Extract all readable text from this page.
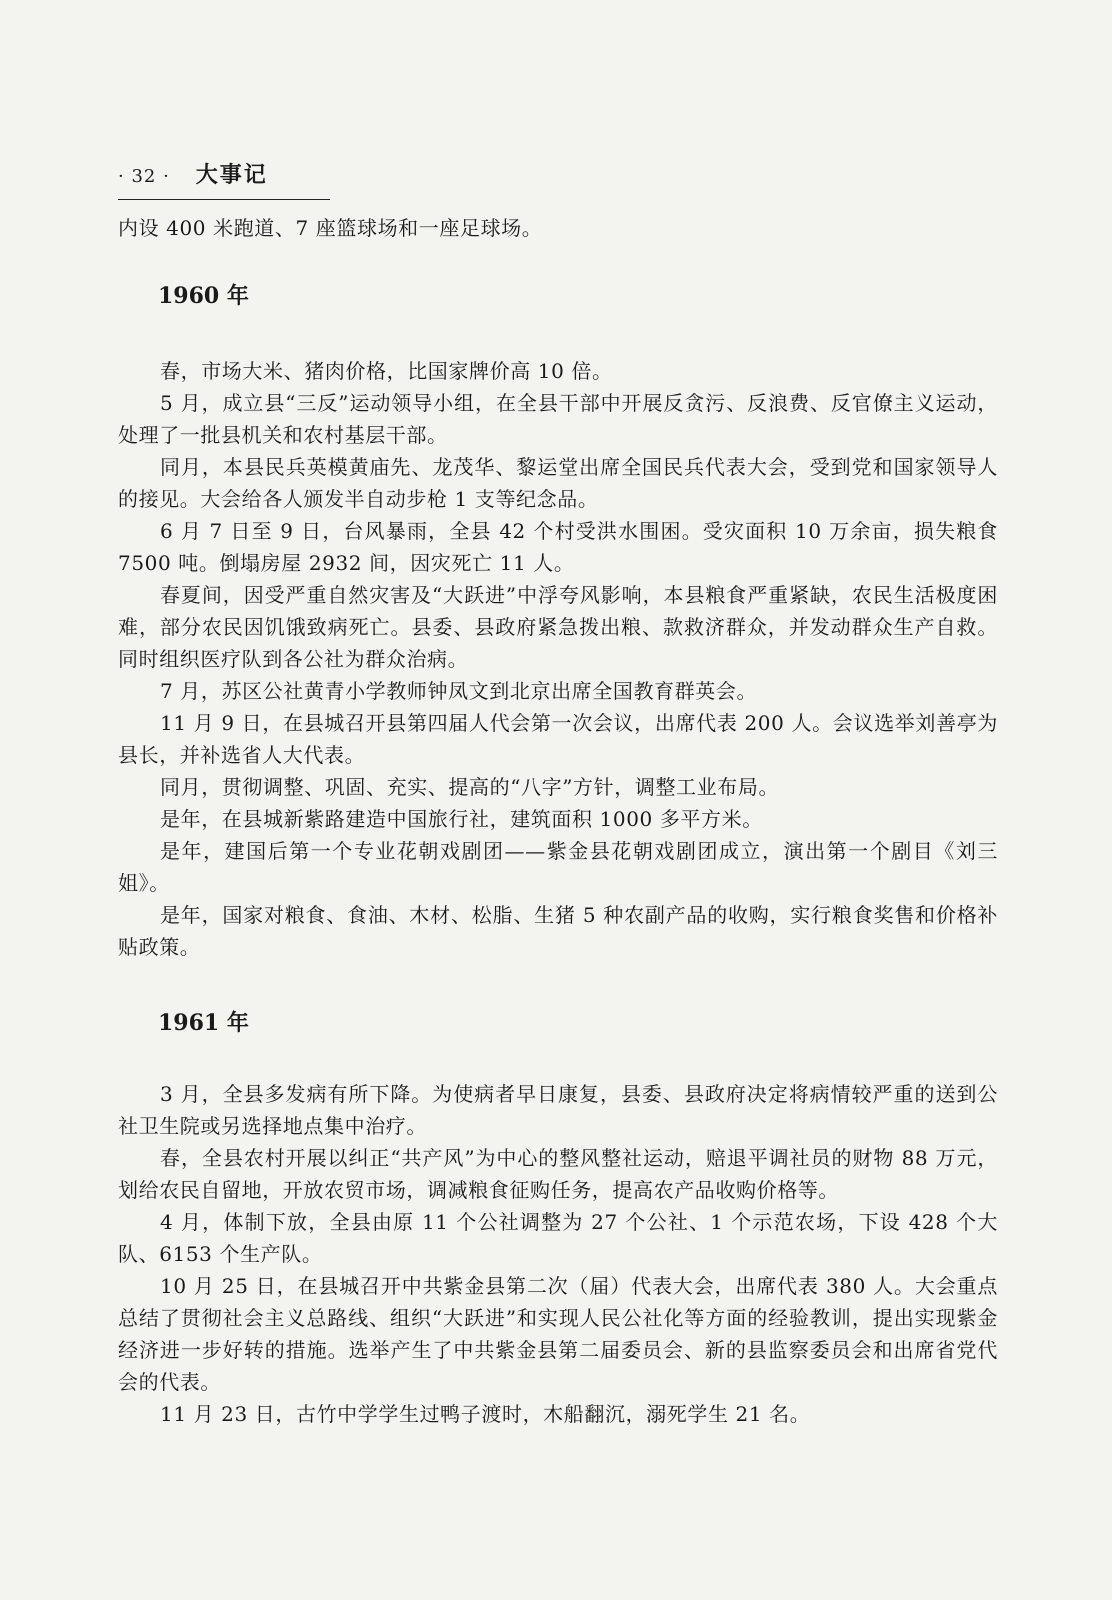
· 32 · 大事记

内设 400 米跑道、7 座篮球场和一座足球场。

1960 年

春，市场大米、猪肉价格，比国家牌价高 10 倍。

5 月，成立县“三反”运动领导小组，在全县干部中开展反贪污、反浪费、反官僚主义运动，处理了一批县机关和农村基层干部。

同月，本县民兵英模黄庙先、龙茂华、黎运堂出席全国民兵代表大会，受到党和国家领导人的接见。大会给各人颁发半自动步枪 1 支等纪念品。

6 月 7 日至 9 日，台风暴雨，全县 42 个村受洪水围困。受灾面积 10 万余亩，损失粮食 7500 吨。倒塌房屋 2932 间，因灾死亡 11 人。

春夏间，因受严重自然灾害及“大跃进”中浮夸风影响，本县粮食严重紧缺，农民生活极度困难，部分农民因饥饿致病死亡。县委、县政府紧急拨出粮、款救济群众，并发动群众生产自救。同时组织医疗队到各公社为群众治病。

7 月，苏区公社黄青小学教师钟凤文到北京出席全国教育群英会。

11 月 9 日，在县城召开县第四届人代会第一次会议，出席代表 200 人。会议选举刘善亭为县长，并补选省人大代表。

同月，贯彻调整、巩固、充实、提高的“八字”方针，调整工业布局。

是年，在县城新紫路建造中国旅行社，建筑面积 1000 多平方米。

是年，建国后第一个专业花朝戏剧团——紫金县花朝戏剧团成立，演出第一个剧目《刘三姐》。

是年，国家对粮食、食油、木材、松脂、生猪 5 种农副产品的收购，实行粮食奖售和价格补贴政策。

1961 年

3 月，全县多发病有所下降。为使病者早日康复，县委、县政府决定将病情较严重的送到公社卫生院或另选择地点集中治疗。

春，全县农村开展以纠正“共产风”为中心的整风整社运动，赔退平调社员的财物 88 万元，划给农民自留地，开放农贸市场，调减粮食征购任务，提高农产品收购价格等。

4 月，体制下放，全县由原 11 个公社调整为 27 个公社、1 个示范农场，下设 428 个大队、6153 个生产队。

10 月 25 日，在县城召开中共紫金县第二次（届）代表大会，出席代表 380 人。大会重点总结了贯彻社会主义总路线、组织“大跃进”和实现人民公社化等方面的经验教训，提出实现紫金经济进一步好转的措施。选举产生了中共紫金县第二届委员会、新的县监察委员会和出席省党代会的代表。

11 月 23 日，古竹中学学生过鸭子渡时，木船翻沉，溺死学生 21 名。
